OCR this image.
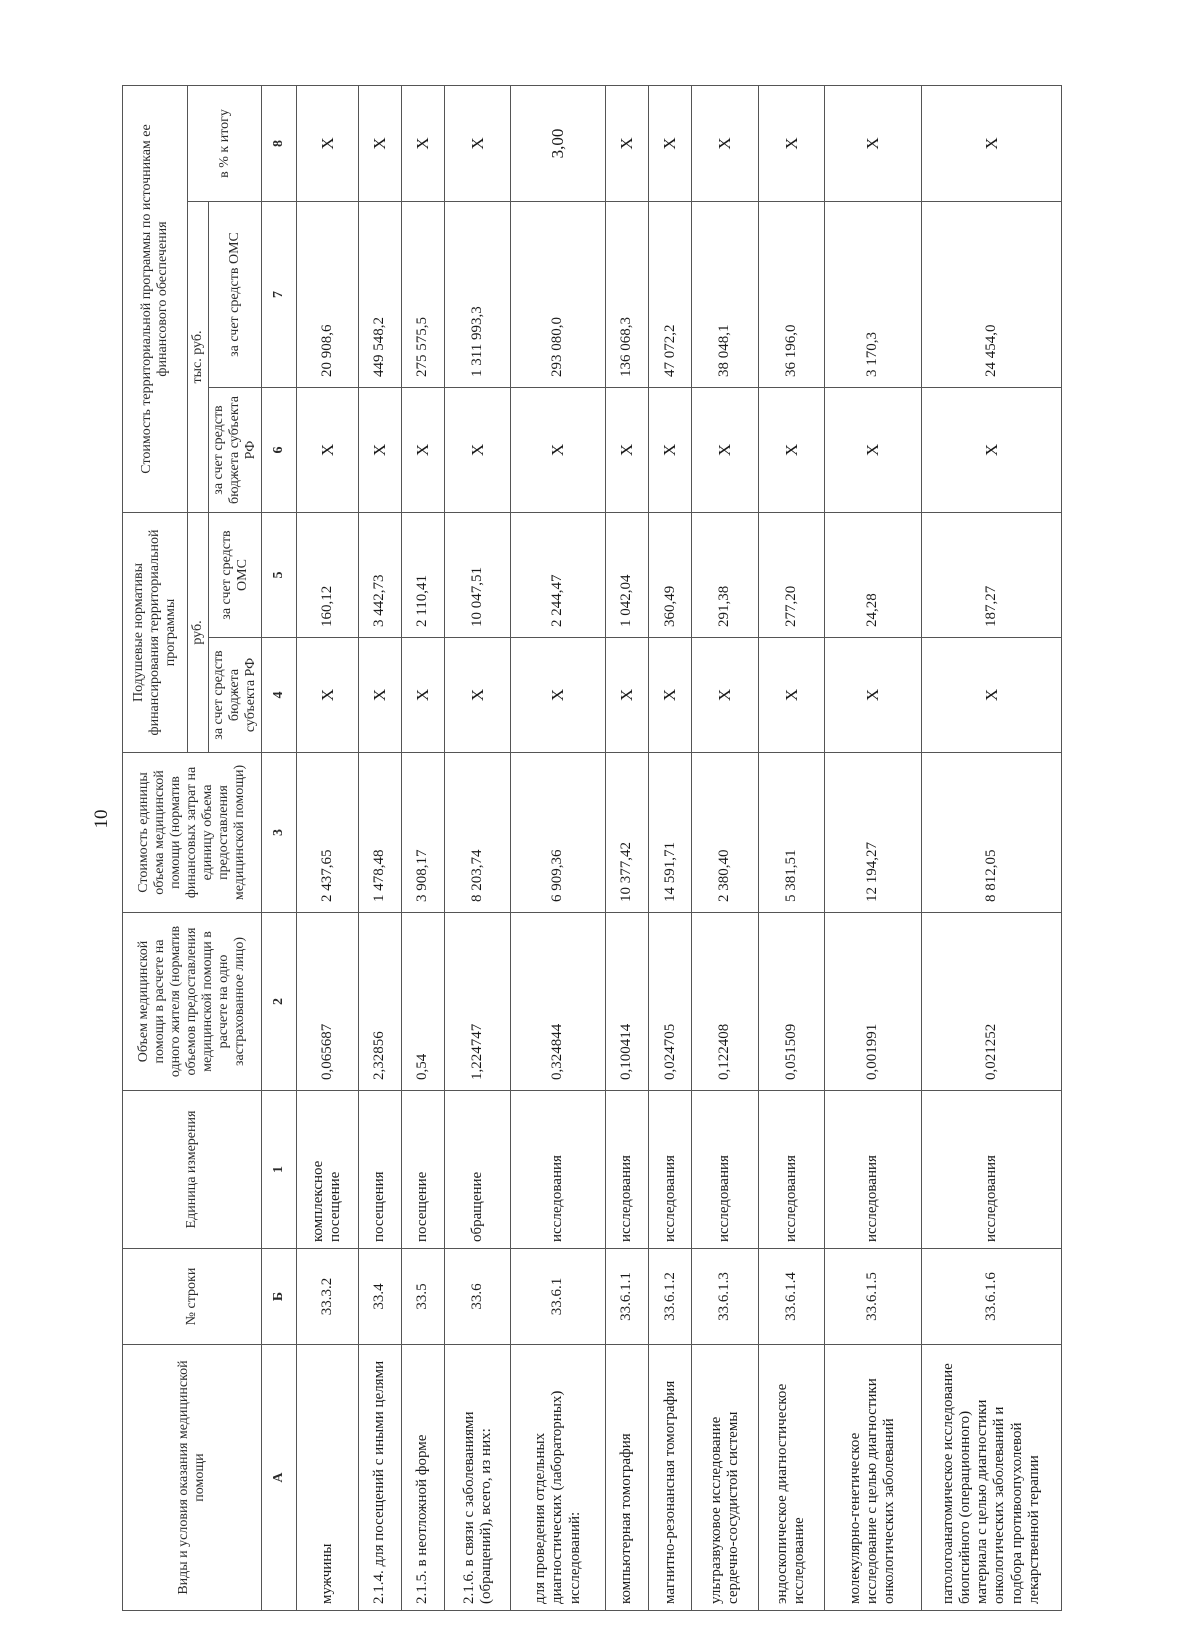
10
Виды и условия оказания медицинской помощи	№ строки	Единица измерения	Объем медицинской помощи в расчете на одного жителя (норматив объемов предоставления медицинской помощи в расчете на одно застрахованное лицо)	Стоимость единицы объема медицинской помощи (норматив финансовых затрат на единицу объема предоставления медицинской помощи)	Подушевые нормативы финансирования территориальной программы		Стоимость территориальной программы по источникам ее финансового обеспечения		
					руб.		тыс. руб.		в % к итогу
					за счет средств бюджета субъекта РФ	за счет средств ОМС	за счет средств бюджета субъекта РФ	за счет средств ОМС	
А	Б	1	2	3	4	5	6	7	8
мужчины	33.3.2	комплексное посещение	0,065687	2 437,65	X	160,12	X	20 908,6	X
2.1.4. для посещений с иными целями	33.4	посещения	2,32856	1 478,48	X	3 442,73	X	449 548,2	X
2.1.5. в неотложной форме	33.5	посещение	0,54	3 908,17	X	2 110,41	X	275 575,5	X
2.1.6. в связи с заболеваниями (обращений), всего, из них:	33.6	обращение	1,224747	8 203,74	X	10 047,51	X	1 311 993,3	X
для проведения отдельных диагностических (лабораторных) исследований:	33.6.1	исследования	0,324844	6 909,36	X	2 244,47	X	293 080,0	3,00
компьютерная томография	33.6.1.1	исследования	0,100414	10 377,42	X	1 042,04	X	136 068,3	X
магнитно-резонансная томография	33.6.1.2	исследования	0,024705	14 591,71	X	360,49	X	47 072,2	X
ультразвуковое исследование сердечно-сосудистой системы	33.6.1.3	исследования	0,122408	2 380,40	X	291,38	X	38 048,1	X
эндоскопическое диагностическое исследование	33.6.1.4	исследования	0,051509	5 381,51	X	277,20	X	36 196,0	X
молекулярно-генетическое исследование с целью диагностики онкологических заболеваний	33.6.1.5	исследования	0,001991	12 194,27	X	24,28	X	3 170,3	X
патологоанатомическое исследование биопсийного (операционного) материала с целью диагностики онкологических заболеваний и подбора противоопухолевой лекарственной терапии	33.6.1.6	исследования	0,021252	8 812,05	X	187,27	X	24 454,0	X
